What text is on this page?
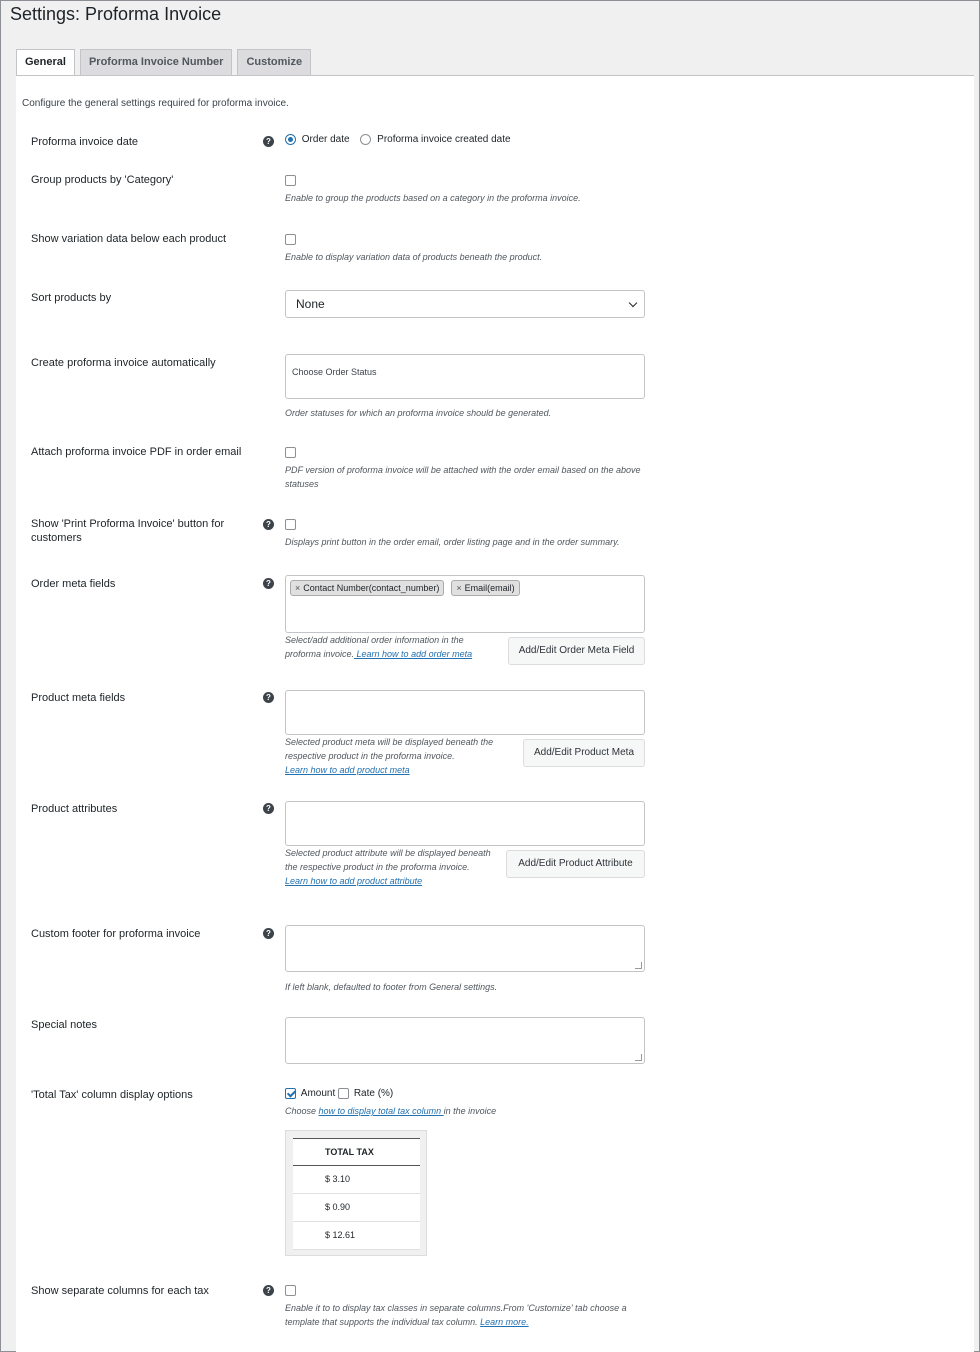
Settings: Proforma Invoice
General	Proforma Invoice Number	Customize
Configure the general settings required for proforma invoice.
Proforma invoice date	?	Order date	Proforma invoice created date
Group products by 'Category'
Enable to group the products based on a category in the proforma invoice.
Show variation data below each product
Enable to display variation data of products beneath the product.
Sort products by	None
Create proforma invoice automatically
Choose Order Status
Order statuses for which an proforma invoice should be generated.
Attach proforma invoice PDF in order email
PDF version of proforma invoice will be attached with the order email based on the above statuses
Show 'Print Proforma Invoice' button for customers
?
Displays print button in the order email, order listing page and in the order summary.
Order meta fields	?	× Contact Number(contact_number) × Email(email)
Select/add additional order information in the proforma invoice. Learn how to add order meta	Add/Edit Order Meta Field
Product meta fields	?
Selected product meta will be displayed beneath the respective product in the proforma invoice.
Learn how to add product meta
Add/Edit Product Meta
Product attributes	?
Selected product attribute will be displayed beneath the respective product in the proforma invoice.
Learn how to add product attribute
Add/Edit Product Attribute
Custom footer for proforma invoice	?
If left blank, defaulted to footer from General settings.
Special notes
'Total Tax' column display options	Amount Rate (%)
Choose how to display total tax column in the invoice
TOTAL TAX
$ 3.10
$ 0.90
$ 12.61
Show separate columns for each tax	?
Enable it to to display tax classes in separate columns.From 'Customize' tab choose a template that supports the individual tax column. Learn more.
